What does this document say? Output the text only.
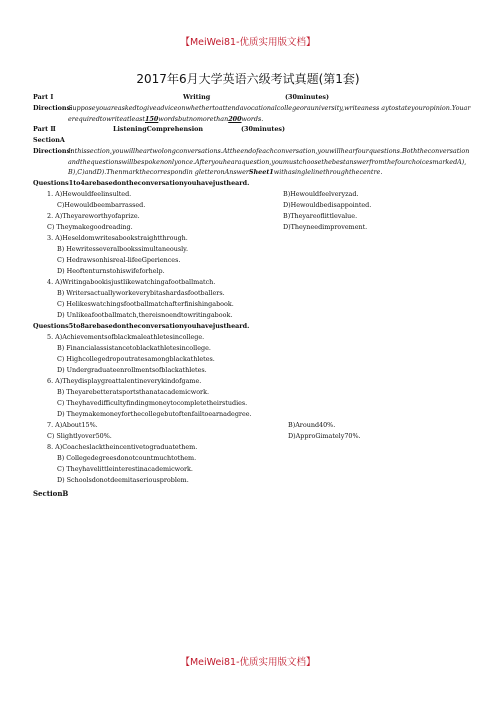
【MeiWei81-优质实用版文档】
2017年6月大学英语六级考试真题(第1套)
Part Ⅰ	Writing	(30minutes)
Directions:
Supposeyouareaskedtogiveadviceonwhethertoattendavocationalcollegeorauniversity,writeaness aytostateyouropinion.Youarerequiredtowriteatleast150wordsbutnomorethan200words.
Part Ⅱ	ListeningComprehension	(30minutes)
SectionA
Directions:
Inthissection,youwillheartwolongconversations.Attheendofeachconversation,youwillhearfourquestions.Boththeconversationandthequestionswillbespokenonlyonce.Afteryouhearaquestion,youmustchoosethebestanswerfromthefourchoicesmarkedA),B),C)andD).Thenmarkthecorrespondin gletteronAnswerSheet1withasinglelinethroughthecentre.
Questions1to4arebasedontheconversationyouhavejustheard.
1. A)Hewouldfeelinsulted.	B)Hewouldfeelveryzad.
C)Hewouldbeembarrassed.	D)Hewouldbedisappointed.
2. A)Theyareworthyofaprize.	B)Theyareoflittlevalue.
C) Theymakegoodreading.	D)Theyneedimprovement.
3. A)Heseldomwritesabookstraightthrough.
B) Hewritesseveralbookssimultaneously.
C) Hedrawsonhisreal-lifeeGperiences.
D) Heoftenturnstohiswifeforhelp.
4. A)Writingabookisjustlikewatchingafootballmatch.
B) Writersactuallyworkeverybitashardasfootballers.
C) Helikeswatchingsfootballmatchafterfinishingabook.
D) Unlikeafootballmatch,thereisnoendtowritingabook.
Questions5to8arebasedontheconversationyouhavejustheard.
5. A)Achievementsofblackmaleathletesincollege.
B) Financialassistancetoblackathletesincollege.
C) Highcollegedropoutratesamongblackathletes.
D) Undergraduateenrollmentsofblackathletes.
6. A)Theydisplaygreattalentineverykindofgame.
B) Theyarebetteratsportsthanatacademicwork.
C) Theyhavedifficultyfindingmoneytocompletetheirstudies.
D) Theymakemoneyforthecollegebutoftenfailtoearnadegree.
7. A)About15%.	B)Around40%.
C) Slightlyover50%.	D)ApproGimately70%.
8. A)Coacheslacktheincentivetograduatethem.
B) Collegedegreesdonotcountmuchtothem.
C) Theyhavelittleinterestinacademicwork.
D) Schoolsdonotdeemitaseriousproblem.
SectionB
【MeiWei81-优质实用版文档】
